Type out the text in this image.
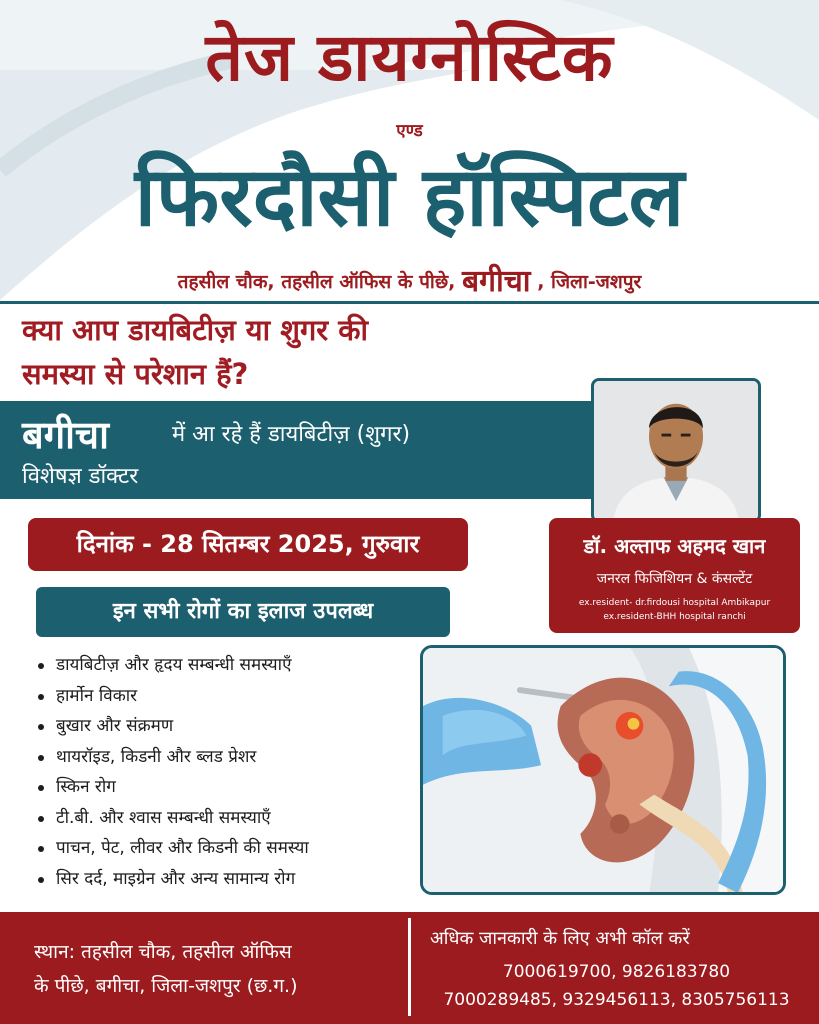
तेज डायग्नोस्टिक
एण्ड
फिरदौसी हॉस्पिटल
तहसील चौक, तहसील ऑफिस के पीछे, बगीचा , जिला-जशपुर
क्या आप डायबिटीज़ या शुगर की
समस्या से परेशान हैं?
बगीचा	में आ रहे हैं डायबिटीज़ (शुगर)
विशेषज्ञ डॉक्टर
दिनांक - 28 सितम्बर 2025, गुरुवार	डॉ. अल्ताफ अहमद खान
जनरल फिजिशियन & कंसल्टेंट
ex.resident- dr.firdousi hospital Ambikapur
ex.resident-BHH hospital ranchi
इन सभी रोगों का इलाज उपलब्ध
डायबिटीज़ और हृदय सम्बन्धी समस्याएँ
हार्मोन विकार
बुखार और संक्रमण
थायरॉइड, किडनी और ब्लड प्रेशर
स्किन रोग
टी.बी. और श्वास सम्बन्धी समस्याएँ
पाचन, पेट, लीवर और किडनी की समस्या
सिर दर्द, माइग्रेन और अन्य सामान्य रोग
स्थान: तहसील चौक, तहसील ऑफिस
के पीछे, बगीचा, जिला-जशपुर (छ.ग.)
अधिक जानकारी के लिए अभी कॉल करें
7000619700, 9826183780
7000289485, 9329456113, 8305756113
